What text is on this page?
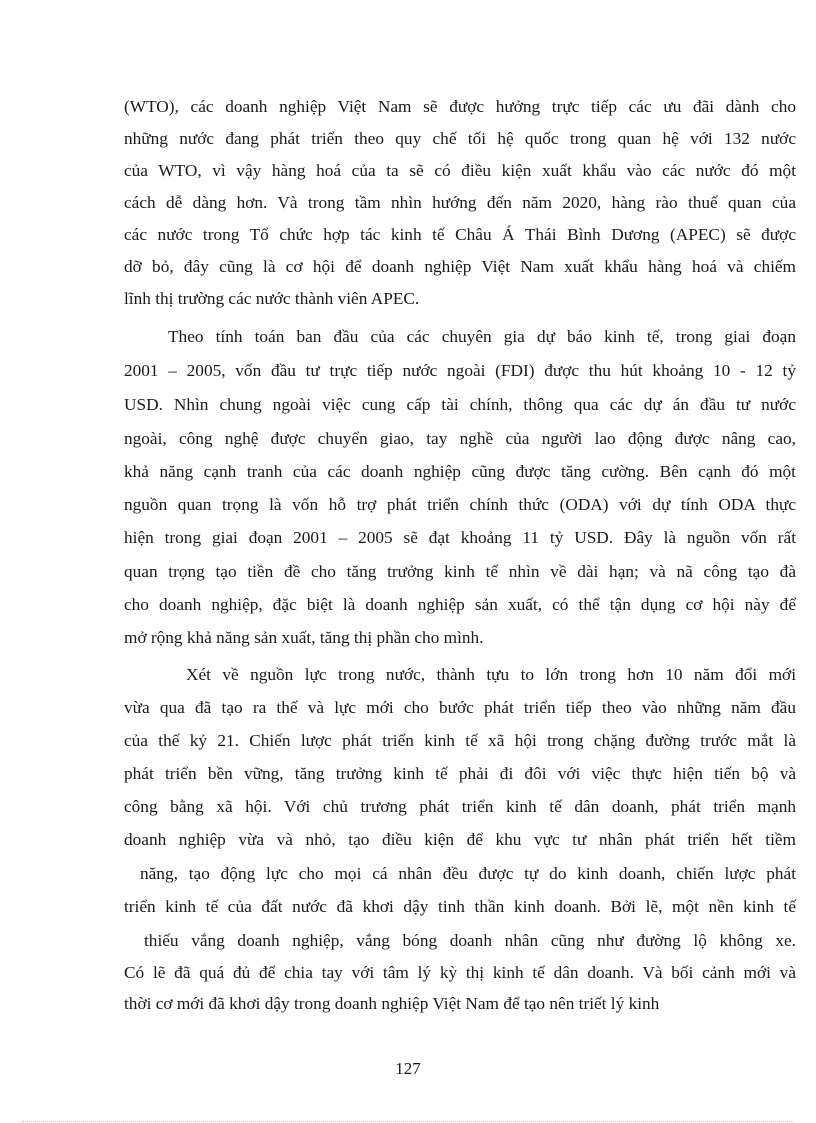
(WTO), các doanh nghiệp Việt Nam sẽ được hưởng trực tiếp các ưu đãi dành cho
những nước đang phát triển theo quy chế tối hệ quốc trong quan hệ với 132 nước
của WTO, vì vậy hàng hoá của ta sẽ có điều kiện xuất khẩu vào các nước đó một
cách dễ dàng hơn. Và trong tầm nhìn hướng đến năm 2020, hàng rào thuế quan của
các nước trong Tổ chức hợp tác kinh tế Châu Á Thái Bình Dương (APEC) sẽ được
dỡ bỏ, đây cũng là cơ hội để doanh nghiệp Việt Nam xuất khẩu hàng hoá và chiếm
lĩnh thị trường các nước thành viên APEC.
Theo tính toán ban đầu của các chuyên gia dự báo kinh tế, trong giai đoạn
2001 – 2005, vốn đầu tư trực tiếp nước ngoài (FDI) được thu hút khoảng 10 - 12 tỷ
USD. Nhìn chung ngoài việc cung cấp tài chính, thông qua các dự án đầu tư nước
ngoài, công nghệ được chuyển giao, tay nghề của người lao động được nâng cao,
khả năng cạnh tranh của các doanh nghiệp cũng được tăng cường. Bên cạnh đó một
nguồn quan trọng là vốn hỗ trợ phát triển chính thức (ODA) với dự tính ODA thực
hiện trong giai đoạn 2001 – 2005 sẽ đạt khoảng 11 tỷ USD. Đây là nguồn vốn rất
quan trọng tạo tiền đề cho tăng trưởng kinh tế nhìn về dài hạn; và nã công tạo đà
cho doanh nghiệp, đặc biệt là doanh nghiệp sản xuất, có thể tận dụng cơ hội này để
mở rộng khả năng sản xuất, tăng thị phần cho mình.
Xét về nguồn lực trong nước, thành tựu to lớn trong hơn 10 năm đổi mới
vừa qua đã tạo ra thế và lực mới cho bước phát triển tiếp theo vào những năm đầu
của thế kỷ 21. Chiến lược phát triển kinh tế xã hội trong chặng đường trước mắt là
phát triển bền vững, tăng trưởng kinh tế phải đi đôi với việc thực hiện tiến bộ và
công bằng xã hội. Với chủ trương phát triển kinh tế dân doanh, phát triển mạnh
doanh nghiệp vừa và nhỏ, tạo điều kiện để khu vực tư nhân phát triển hết tiềm
năng, tạo động lực cho mọi cá nhân đều được tự do kinh doanh, chiến lược phát
triển kinh tế của đất nước đã khơi dậy tinh thần kinh doanh. Bởi lẽ, một nền kinh tế
thiếu vắng doanh nghiệp, vắng bóng doanh nhân cũng như đường lộ không xe.
Có lẽ đã quá đủ để chia tay với tâm lý kỳ thị kinh tế dân doanh. Và bối cảnh mới và
thời cơ mới đã khơi dậy trong doanh nghiệp Việt Nam để tạo nên triết lý kinh
127
